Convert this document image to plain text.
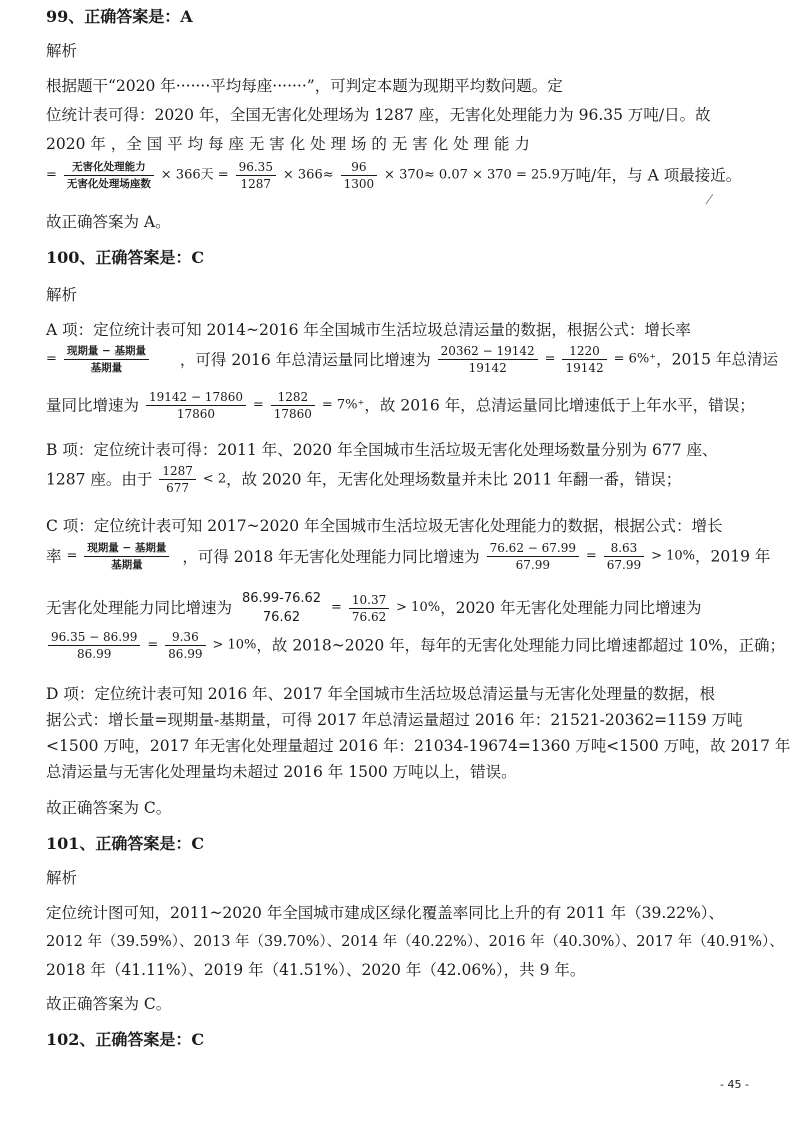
99、正确答案是：A
解析
根据题干“2020 年·······平均每座·······”，可判定本题为现期平均数问题。定
位统计表可得：2020 年，全国无害化处理场为 1287 座，无害化处理能力为 96.35 万吨/日。故
2020 年 ，全 国 平 均 每 座 无 害 化 处 理 场 的 无 害 化 处 理 能 力
= $\frac{\text{无害化处理能力}}{\text{无害化处理场座数}} \times 366$天 = $\frac{96.35}{1287} \times 366\approx \frac{96}{1300} \times 370\approx 0.07 \times 370 = 25.9$万吨/年，与 A 项最接近。
故正确答案为 A。
100、正确答案是：C
解析
A 项：定位统计表可知 2014~2016 年全国城市生活垃圾总清运量的数据，根据公式：增长率
= $\frac{\text{现期量 − 基期量}}{\text{基期量}}$ ，可得 2016 年总清运量同比增速为 $\frac{20362 - 19142}{19142} = \frac{1220}{19142} = 6\%^+$，2015 年总清运
量同比增速为 $\frac{19142 - 17860}{17860} = \frac{1282}{17860} = 7\%^+$，故 2016 年，总清运量同比增速低于上年水平，错误；
B 项：定位统计表可得：2011 年、2020 年全国城市生活垃圾无害化处理场数量分别为 677 座、
1287 座。由于 $\frac{1287}{677} < 2$，故 2020 年，无害化处理场数量并未比 2011 年翻一番，错误；
C 项：定位统计表可知 2017~2020 年全国城市生活垃圾无害化处理能力的数据，根据公式：增长
率 = $\frac{\text{现期量 − 基期量}}{\text{基期量}}$ ，可得 2018 年无害化处理能力同比增速为 $\frac{76.62 - 67.99}{67.99} = \frac{8.63}{67.99} > 10\%$，2019 年
无害化处理能力同比增速为
86.99-76.62
76.62
= $\frac{10.37}{76.62} > 10\%$，2020 年无害化处理能力同比增速为
$\frac{96.35 - 86.99}{86.99} = \frac{9.36}{86.99} > 10\%$，故 2018~2020 年，每年的无害化处理能力同比增速都超过 10%，正确；
D 项：定位统计表可知 2016 年、2017 年全国城市生活垃圾总清运量与无害化处理量的数据，根
据公式：增长量=现期量-基期量，可得 2017 年总清运量超过 2016 年：21521-20362=1159 万吨
<1500 万吨，2017 年无害化处理量超过 2016 年：21034-19674=1360 万吨<1500 万吨，故 2017 年
总清运量与无害化处理量均未超过 2016 年 1500 万吨以上，错误。
故正确答案为 C。
101、正确答案是：C
解析
定位统计图可知，2011~2020 年全国城市建成区绿化覆盖率同比上升的有 2011 年（39.22%）、
2012 年（39.59%）、2013 年（39.70%）、2014 年（40.22%）、2016 年（40.30%）、2017 年（40.91%）、
2018 年（41.11%）、2019 年（41.51%）、2020 年（42.06%），共 9 年。
故正确答案为 C。
102、正确答案是：C
- 45 -
